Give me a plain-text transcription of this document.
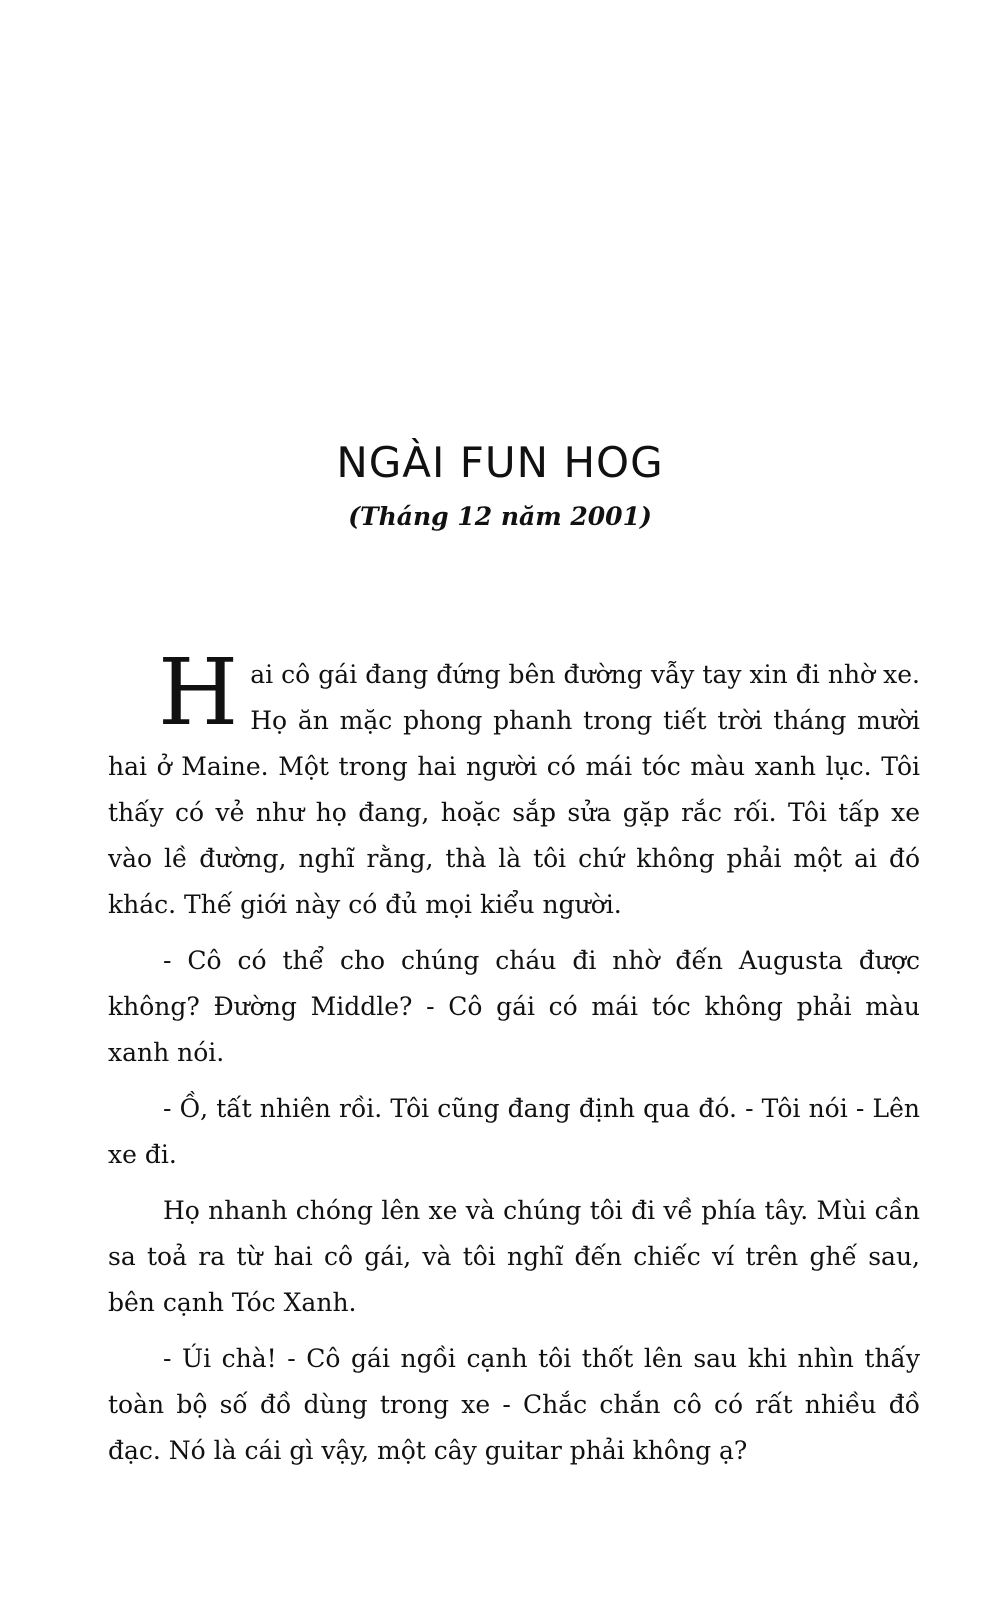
NGÀI FUN HOG
(Tháng 12 năm 2001)

Hai cô gái đang đứng bên đường vẫy tay xin đi nhờ xe. Họ ăn mặc phong phanh trong tiết trời tháng mười hai ở Maine. Một trong hai người có mái tóc màu xanh lục. Tôi thấy có vẻ như họ đang, hoặc sắp sửa gặp rắc rối. Tôi tấp xe vào lề đường, nghĩ rằng, thà là tôi chứ không phải một ai đó khác. Thế giới này có đủ mọi kiểu người.

- Cô có thể cho chúng cháu đi nhờ đến Augusta được không? Đường Middle? - Cô gái có mái tóc không phải màu xanh nói.

- Ồ, tất nhiên rồi. Tôi cũng đang định qua đó. - Tôi nói - Lên xe đi.

Họ nhanh chóng lên xe và chúng tôi đi về phía tây. Mùi cần sa toả ra từ hai cô gái, và tôi nghĩ đến chiếc ví trên ghế sau, bên cạnh Tóc Xanh.

- Úi chà! - Cô gái ngồi cạnh tôi thốt lên sau khi nhìn thấy toàn bộ số đồ dùng trong xe - Chắc chắn cô có rất nhiều đồ đạc. Nó là cái gì vậy, một cây guitar phải không ạ?
